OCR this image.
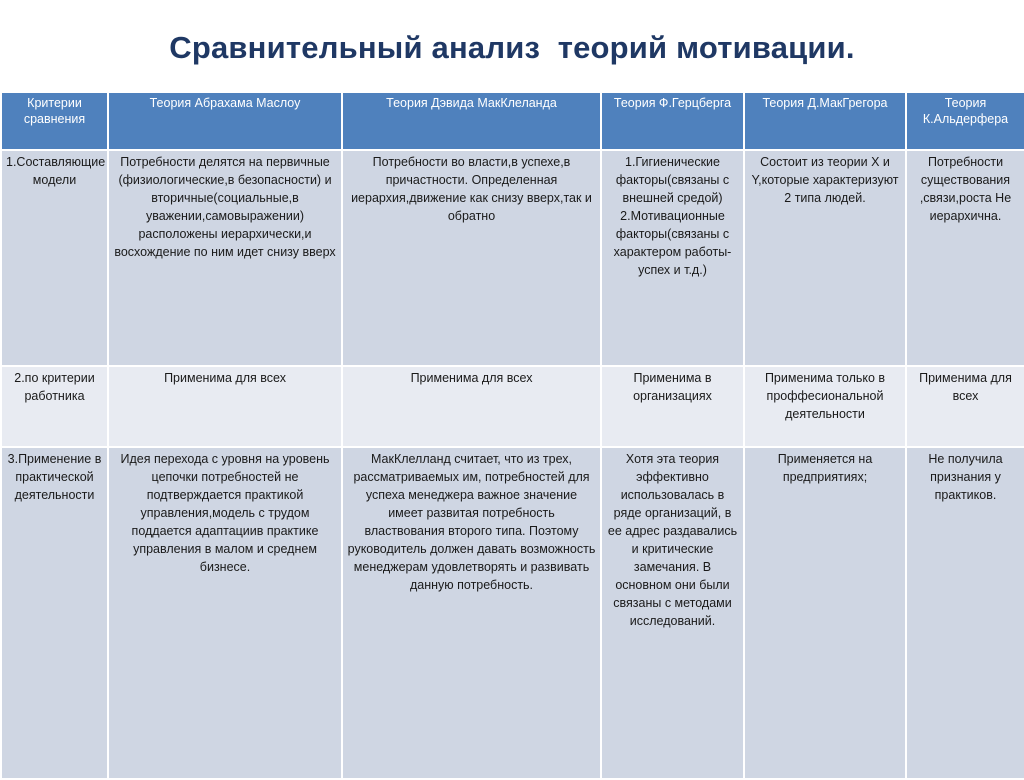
Сравнительный анализ  теорий мотивации.
Критерии сравнения	Теория Абрахама Маслоу	Теория Дэвида МакКлеланда	Теория Ф.Герцберга	Теория Д.МакГрегора	Теория К.Альдерфера

1.Составляющие модели	Потребности делятся на первичные (физиологические,в безопасности) и вторичные(социальные,в уважении,самовыражении) расположены иерархически,и восхождение по ним идет снизу вверх	Потребности во власти,в успехе,в причастности. Определенная иерархия,движение как снизу вверх,так и обратно	1.Гигиенические факторы(связаны с внешней средой) 2.Мотивационные факторы(связаны с характером работы-успех и т.д.)	Состоит из теории X и Y,которые характеризуют 2 типа людей.	Потребности существования ,связи,роста Не иерархична.
2.по критерии работника	Применима для всех	Применима для всех	Применима в организациях	Применима только в проффесиональной деятельности	Применима для всех
3.Применение в практической деятельности	Идея перехода с уровня на уровень цепочки потребностей не подтверждается практикой управления,модель с трудом поддается адаптациив практике управления в малом и среднем бизнесе.	МакКлелланд считает, что из трех, рассматриваемых им, потребностей для успеха менеджера важное значение имеет развитая потребность властвования второго типа. Поэтому руководитель должен давать возможность менеджерам удовлетворять и развивать данную потребность.	Хотя эта теория эффективно использовалась в ряде организаций, в ее адрес раздавались и критические замечания. В основном они были связаны с методами исследований.	Применяется на предприятиях;	Не получила признания у практиков.
